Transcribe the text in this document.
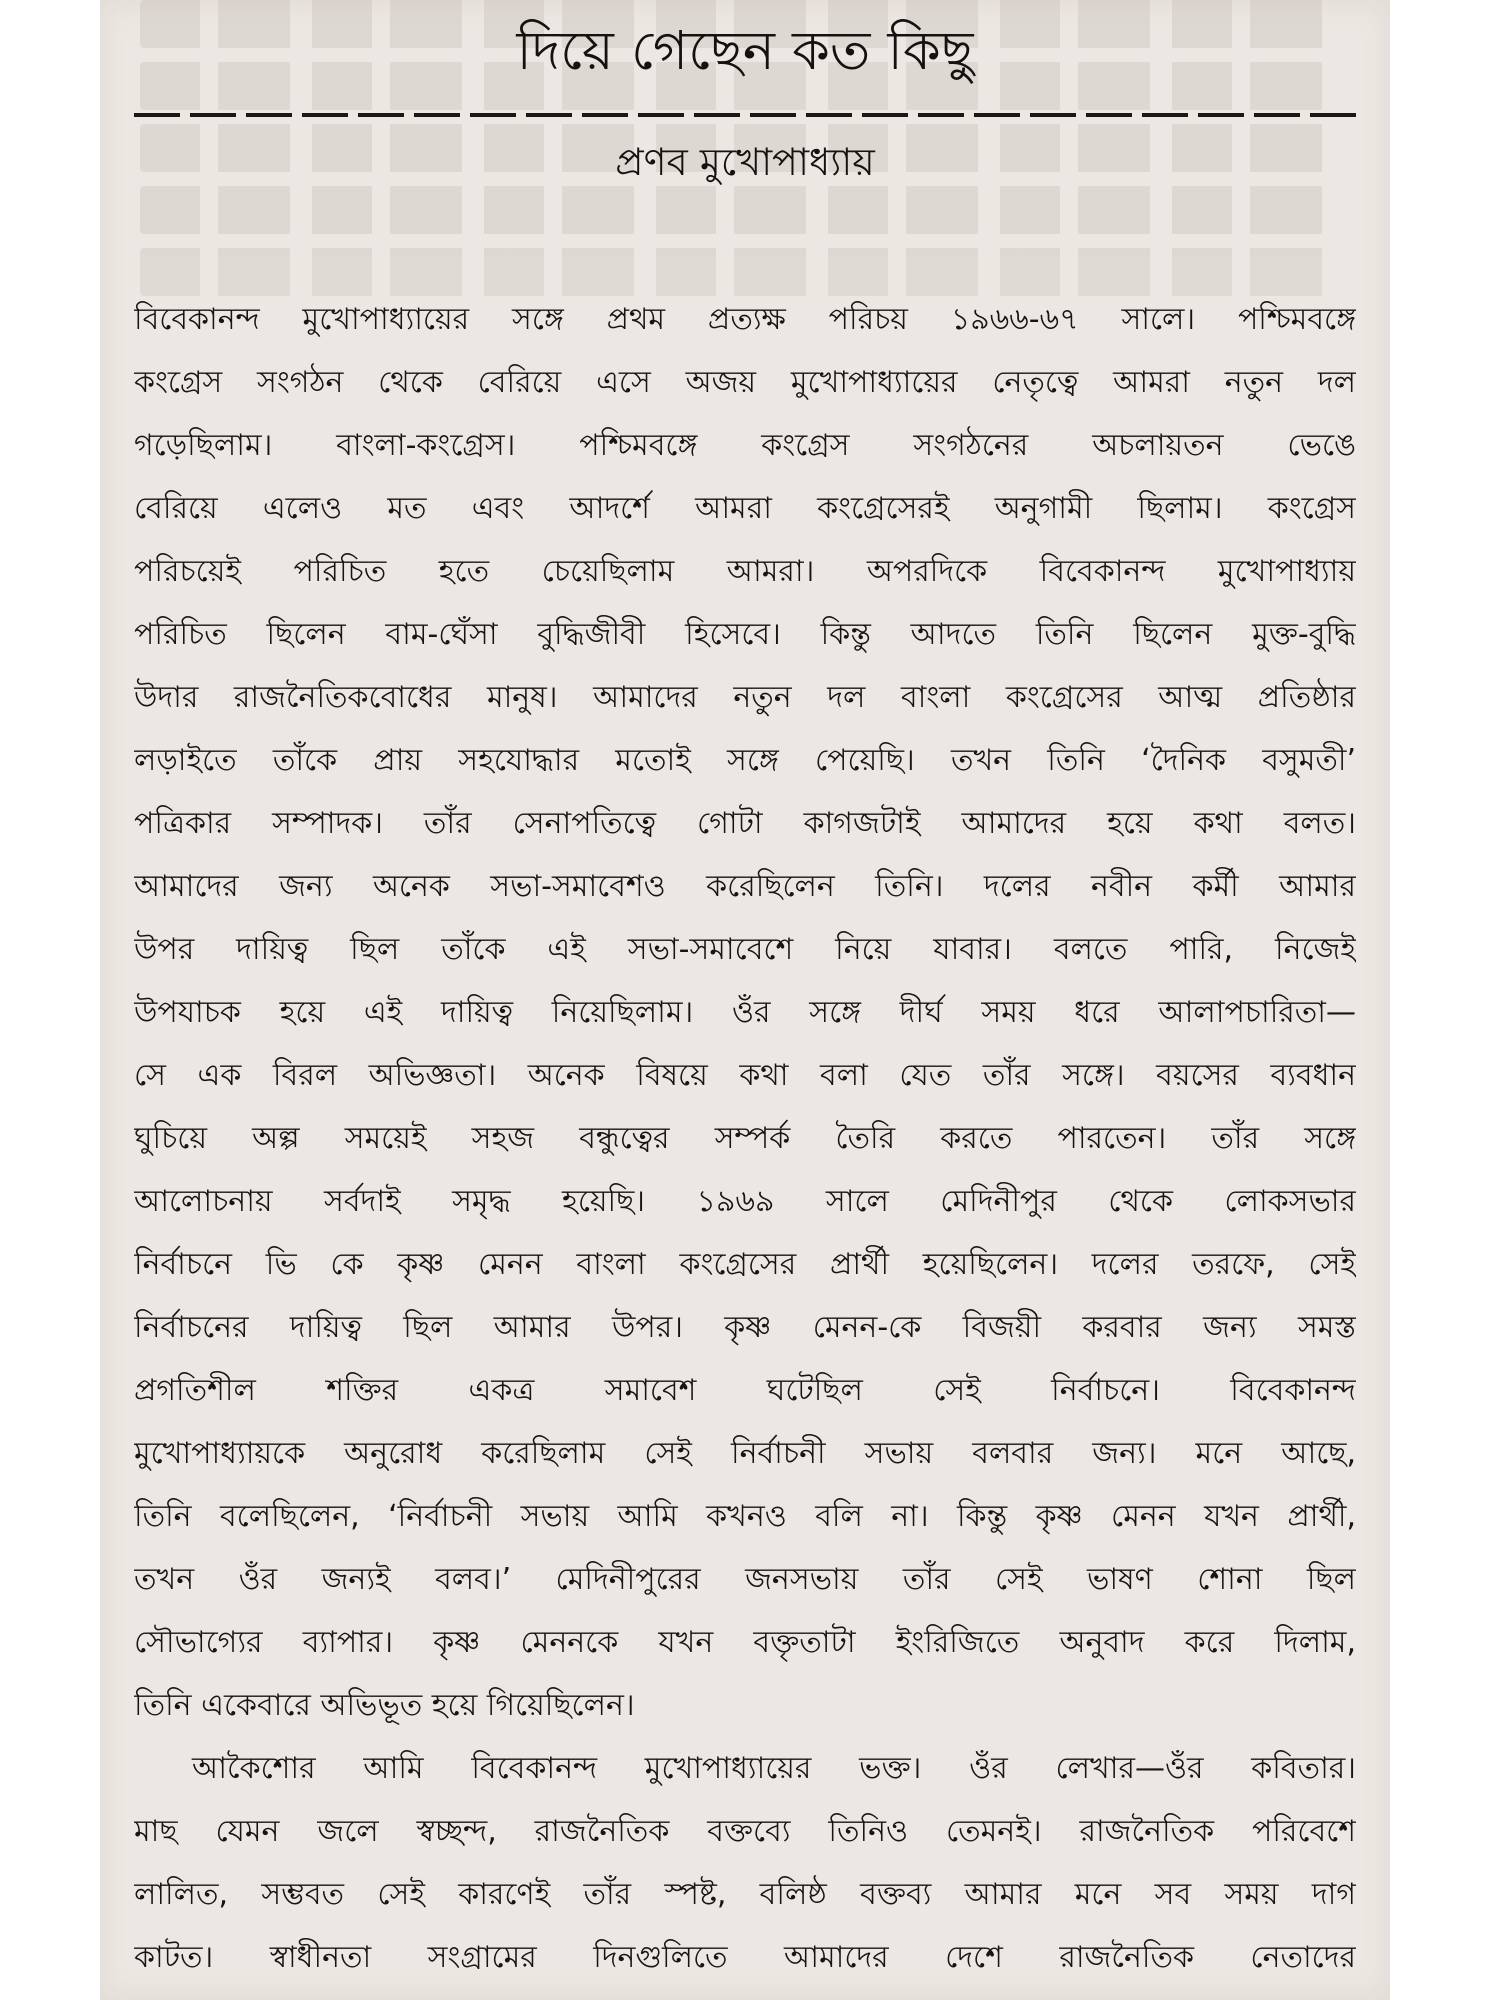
দিয়ে গেছেন কত কিছু
প্রণব মুখোপাধ্যায়
বিবেকানন্দ মুখোপাধ্যায়ের সঙ্গে প্রথম প্রত্যক্ষ পরিচয় ১৯৬৬-৬৭ সালে। পশ্চিমবঙ্গে
কংগ্রেস সংগঠন থেকে বেরিয়ে এসে অজয় মুখোপাধ্যায়ের নেতৃত্বে আমরা নতুন দল
গড়েছিলাম। বাংলা-কংগ্রেস। পশ্চিমবঙ্গে কংগ্রেস সংগঠনের অচলায়তন ভেঙে
বেরিয়ে এলেও মত এবং আদর্শে আমরা কংগ্রেসেরই অনুগামী ছিলাম। কংগ্রেস
পরিচয়েই পরিচিত হতে চেয়েছিলাম আমরা। অপরদিকে বিবেকানন্দ মুখোপাধ্যায়
পরিচিত ছিলেন বাম-ঘেঁসা বুদ্ধিজীবী হিসেবে। কিন্তু আদতে তিনি ছিলেন মুক্ত-বুদ্ধি
উদার রাজনৈতিকবোধের মানুষ। আমাদের নতুন দল বাংলা কংগ্রেসের আত্ম প্রতিষ্ঠার
লড়াইতে তাঁকে প্রায় সহযোদ্ধার মতোই সঙ্গে পেয়েছি। তখন তিনি ‘দৈনিক বসুমতী’
পত্রিকার সম্পাদক। তাঁর সেনাপতিত্বে গোটা কাগজটাই আমাদের হয়ে কথা বলত।
আমাদের জন্য অনেক সভা-সমাবেশও করেছিলেন তিনি। দলের নবীন কর্মী আমার
উপর দায়িত্ব ছিল তাঁকে এই সভা-সমাবেশে নিয়ে যাবার। বলতে পারি, নিজেই
উপযাচক হয়ে এই দায়িত্ব নিয়েছিলাম। ওঁর সঙ্গে দীর্ঘ সময় ধরে আলাপচারিতা—
সে এক বিরল অভিজ্ঞতা। অনেক বিষয়ে কথা বলা যেত তাঁর সঙ্গে। বয়সের ব্যবধান
ঘুচিয়ে অল্প সময়েই সহজ বন্ধুত্বের সম্পর্ক তৈরি করতে পারতেন। তাঁর সঙ্গে
আলোচনায় সর্বদাই সমৃদ্ধ হয়েছি। ১৯৬৯ সালে মেদিনীপুর থেকে লোকসভার
নির্বাচনে ভি কে কৃষ্ণ মেনন বাংলা কংগ্রেসের প্রার্থী হয়েছিলেন। দলের তরফে, সেই
নির্বাচনের দায়িত্ব ছিল আমার উপর। কৃষ্ণ মেনন-কে বিজয়ী করবার জন্য সমস্ত
প্রগতিশীল শক্তির একত্র সমাবেশ ঘটেছিল সেই নির্বাচনে। বিবেকানন্দ
মুখোপাধ্যায়কে অনুরোধ করেছিলাম সেই নির্বাচনী সভায় বলবার জন্য। মনে আছে,
তিনি বলেছিলেন, ‘নির্বাচনী সভায় আমি কখনও বলি না। কিন্তু কৃষ্ণ মেনন যখন প্রার্থী,
তখন ওঁর জন্যই বলব।’ মেদিনীপুরের জনসভায় তাঁর সেই ভাষণ শোনা ছিল
সৌভাগ্যের ব্যাপার। কৃষ্ণ মেননকে যখন বক্তৃতাটা ইংরিজিতে অনুবাদ করে দিলাম,
তিনি একেবারে অভিভূত হয়ে গিয়েছিলেন।
আকৈশোর আমি বিবেকানন্দ মুখোপাধ্যায়ের ভক্ত। ওঁর লেখার—ওঁর কবিতার।
মাছ যেমন জলে স্বচ্ছন্দ, রাজনৈতিক বক্তব্যে তিনিও তেমনই। রাজনৈতিক পরিবেশে
লালিত, সম্ভবত সেই কারণেই তাঁর স্পষ্ট, বলিষ্ঠ বক্তব্য আমার মনে সব সময় দাগ
কাটত। স্বাধীনতা সংগ্রামের দিনগুলিতে আমাদের দেশে রাজনৈতিক নেতাদের
